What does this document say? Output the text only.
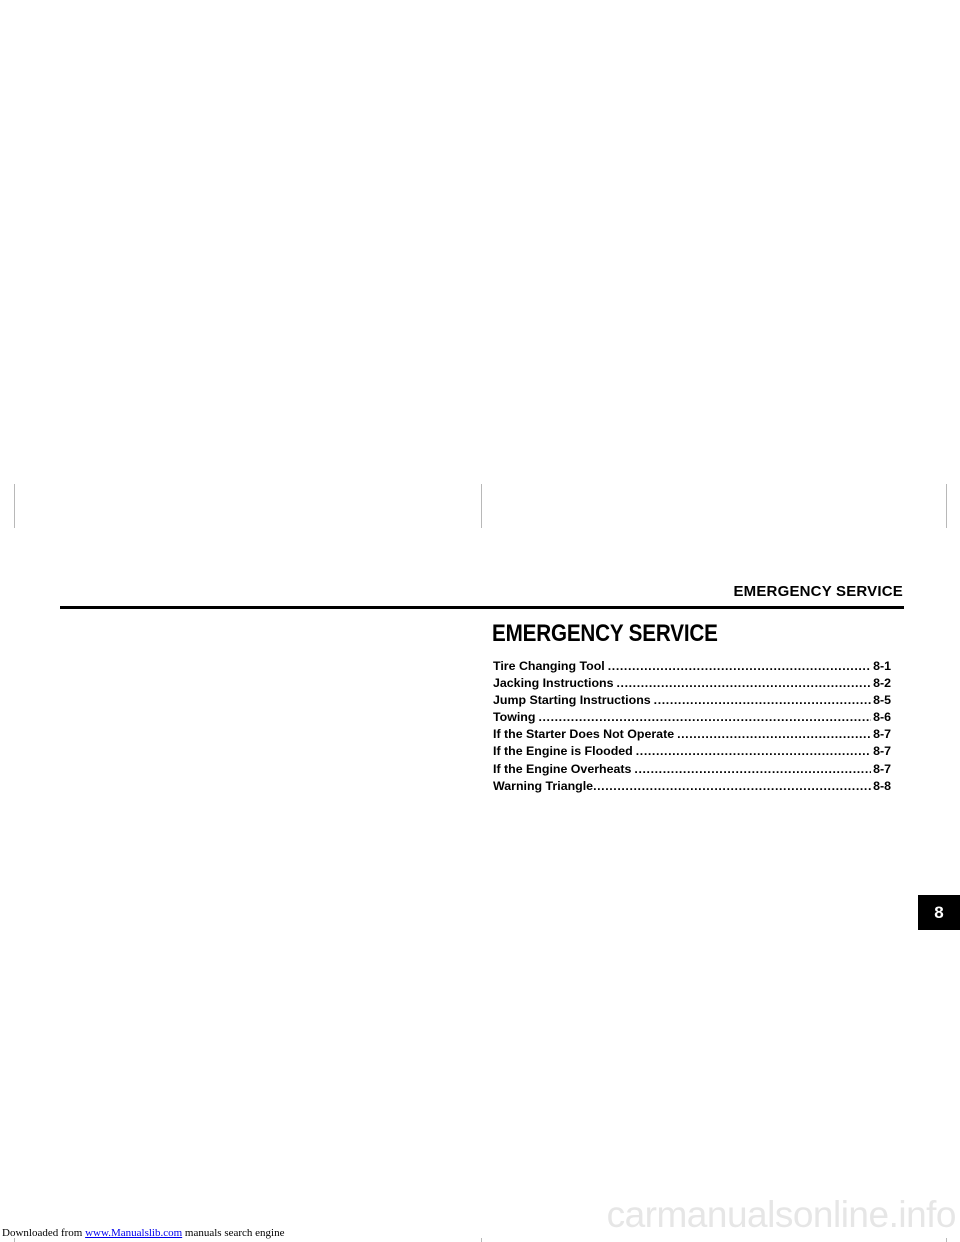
EMERGENCY SERVICE
EMERGENCY SERVICE
Tire Changing Tool .....	8-1
Jacking Instructions .....	8-2
Jump Starting Instructions .....	8-5
Towing .....	8-6
If the Starter Does Not Operate .....	8-7
If the Engine is Flooded .....	8-7
If the Engine Overheats .....	8-7
Warning Triangle .....	8-8
8
Downloaded from www.Manualslib.com manuals search engine	carmanualsonline.info
